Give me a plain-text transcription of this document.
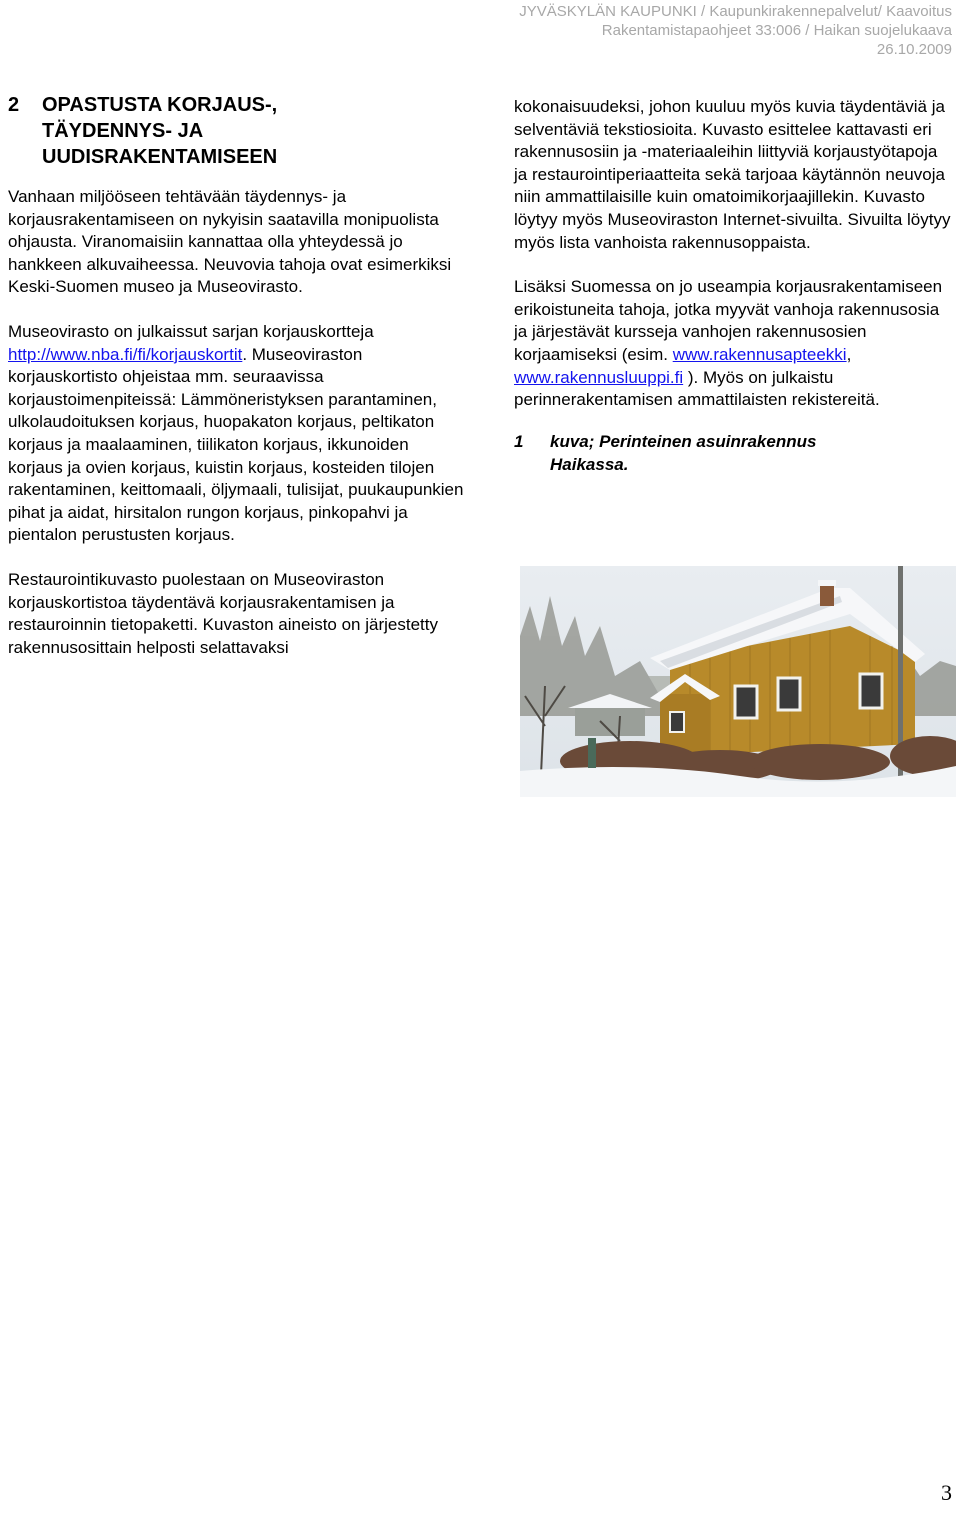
JYVÄSKYLÄN KAUPUNKI / Kaupunkirakennepalvelut/ Kaavoitus
Rakentamistapaohjeet 33:006 / Haikan suojelukaava
26.10.2009
2	OPASTUSTA KORJAUS-, TÄYDENNYS- JA UUDISRAKENTAMISEEN

Vanhaan miljööseen tehtävään täydennys- ja korjausrakentamiseen on nykyisin saatavilla monipuolista ohjausta. Viranomaisiin kannattaa olla yhteydessä jo hankkeen alkuvaiheessa. Neuvovia tahoja ovat esimerkiksi Keski-Suomen museo ja Museovirasto.

Museovirasto on julkaissut sarjan korjauskortteja http://www.nba.fi/fi/korjauskortit. Museoviraston korjauskortisto ohjeistaa mm. seuraavissa korjaustoimenpiteissä: Lämmöneristyksen parantaminen, ulkolaudoituksen korjaus, huopakaton korjaus, peltikaton korjaus ja maalaaminen, tiilikaton korjaus, ikkunoiden korjaus ja ovien korjaus, kuistin korjaus, kosteiden tilojen rakentaminen, keittomaali, öljymaali, tulisijat, puukaupunkien pihat ja aidat, hirsitalon rungon korjaus, pinkopahvi ja pientalon perustusten korjaus.

Restaurointikuvasto puolestaan on Museoviraston korjauskortistoa täydentävä korjausrakentamisen ja restauroinnin tietopaketti. Kuvaston aineisto on järjestetty rakennusosittain helposti selattavaksi

kokonaisuudeksi, johon kuuluu myös kuvia täydentäviä ja selventäviä tekstiosioita. Kuvasto esittelee kattavasti eri rakennusosiin ja -materiaaleihin liittyviä korjaustyötapoja ja restaurointiperiaatteita sekä tarjoaa käytännön neuvoja niin ammattilaisille kuin omatoimikorjaajillekin. Kuvasto löytyy myös Museoviraston Internet-sivuilta. Sivuilta löytyy myös lista vanhoista rakennusoppaista.

Lisäksi Suomessa on jo useampia korjausrakentamiseen erikoistuneita tahoja, jotka myyvät vanhoja rakennusosia ja järjestävät kursseja vanhojen rakennusosien korjaamiseksi (esim. www.rakennusapteekki, www.rakennusluuppi.fi ). Myös on julkaistu perinnerakentamisen ammattilaisten rekistereitä.

1	kuva; Perinteinen asuinrakennus Haikassa.
3
